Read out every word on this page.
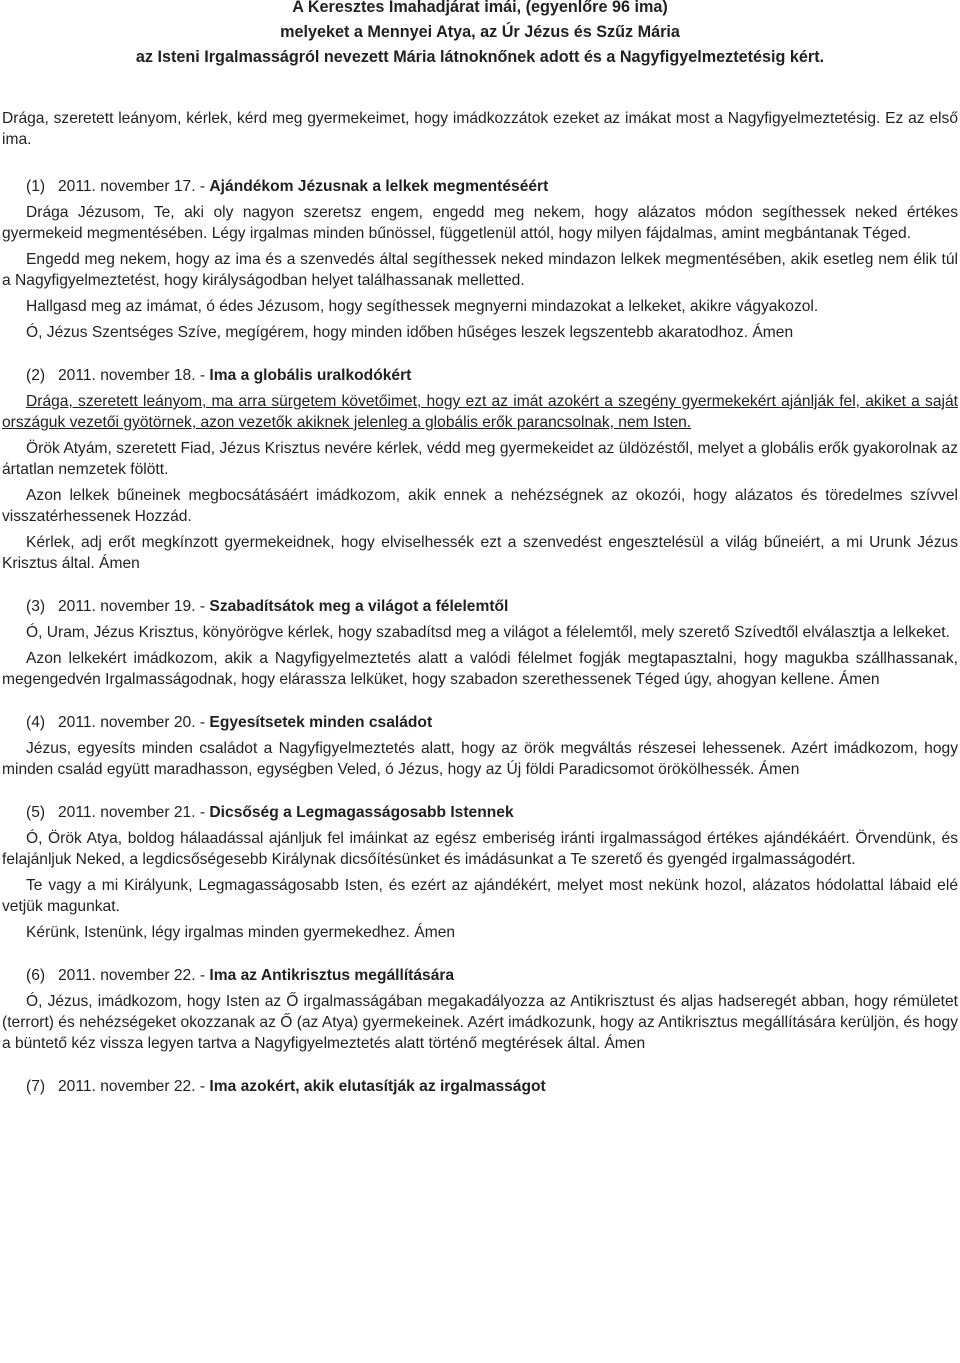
A Keresztes Imahadjárat imái, (egyenlőre 96 ima)
melyeket a Mennyei Atya, az Úr Jézus és Szűz Mária
az Isteni Irgalmasságról nevezett Mária látnoknőnek adott és a Nagyfigyelmeztetésig kért.
Drága, szeretett leányom, kérlek, kérd meg gyermekeimet, hogy imádkozzátok ezeket az imákat most a Nagyfigyelmeztetésig. Ez az első ima.
(1) 2011. november 17. - Ajándékom Jézusnak a lelkek megmentéséért
Drága Jézusom, Te, aki oly nagyon szeretsz engem, engedd meg nekem, hogy alázatos módon segíthessek neked értékes gyermekeid megmentésében. Légy irgalmas minden bűnössel, függetlenül attól, hogy milyen fájdalmas, amint megbántanak Téged.
Engedd meg nekem, hogy az ima és a szenvedés által segíthessek neked mindazon lelkek megmentésében, akik esetleg nem élik túl a Nagyfigyelmeztetést, hogy királyságodban helyet találhassanak melletted.
Hallgasd meg az imámat, ó édes Jézusom, hogy segíthessek megnyerni mindazokat a lelkeket, akikre vágyakozol.
Ó, Jézus Szentséges Szíve, megígérem, hogy minden időben hűséges leszek legszentebb akaratodhoz. Ámen
(2) 2011. november 18. - Ima a globális uralkodókért
Drága, szeretett leányom, ma arra sürgetem követőimet, hogy ezt az imát azokért a szegény gyermekekért ajánlják fel, akiket a saját országuk vezetői gyötörnek, azon vezetők akiknek jelenleg a globális erők parancsolnak, nem Isten.
Örök Atyám, szeretett Fiad, Jézus Krisztus nevére kérlek, védd meg gyermekeidet az üldözéstől, melyet a globális erők gyakorolnak az ártatlan nemzetek fölött.
Azon lelkek bűneinek megbocsátásáért imádkozom, akik ennek a nehézségnek az okozói, hogy alázatos és töredelmes szívvel visszatérhessenek Hozzád.
Kérlek, adj erőt megkínzott gyermekeidnek, hogy elviselhessék ezt a szenvedést engesztelésül a világ bűneiért, a mi Urunk Jézus Krisztus által. Ámen
(3) 2011. november 19. - Szabadítsátok meg a világot a félelemtől
Ó, Uram, Jézus Krisztus, könyörögve kérlek, hogy szabadítsd meg a világot a félelemtől, mely szerető Szívedtől elválasztja a lelkeket.
Azon lelkekért imádkozom, akik a Nagyfigyelmeztetés alatt a valódi félelmet fogják megtapasztalni, hogy magukba szállhassanak, megengedvén Irgalmasságodnak, hogy elárassza lelküket, hogy szabadon szerethessenek Téged úgy, ahogyan kellene. Ámen
(4) 2011. november 20. - Egyesítsetek minden családot
Jézus, egyesíts minden családot a Nagyfigyelmeztetés alatt, hogy az örök megváltás részesei lehessenek. Azért imádkozom, hogy minden család együtt maradhasson, egységben Veled, ó Jézus, hogy az Új földi Paradicsomot örökölhessék. Ámen
(5) 2011. november 21. - Dicsőség a Legmagasságosabb Istennek
Ó, Örök Atya, boldog hálaadással ajánljuk fel imáinkat az egész emberiség iránti irgalmasságod értékes ajándékáért. Örvendünk, és felajánljuk Neked, a legdicsőségesebb Királynak dicsőítésünket és imádásunkat a Te szerető és gyengéd irgalmasságodért.
Te vagy a mi Királyunk, Legmagasságosabb Isten, és ezért az ajándékért, melyet most nekünk hozol, alázatos hódolattal lábaid elé vetjük magunkat.
Kérünk, Istenünk, légy irgalmas minden gyermekedhez. Ámen
(6) 2011. november 22. - Ima az Antikrisztus megállítására
Ó, Jézus, imádkozom, hogy Isten az Ő irgalmasságában megakadályozza az Antikrisztust és aljas hadseregét abban, hogy rémületet (terrort) és nehézségeket okozzanak az Ő (az Atya) gyermekeinek. Azért imádkozunk, hogy az Antikrisztus megállítására kerüljön, és hogy a büntető kéz vissza legyen tartva a Nagyfigyelmeztetés alatt történő megtérések által. Ámen
(7) 2011. november 22. - Ima azokért, akik elutasítják az irgalmasságot
